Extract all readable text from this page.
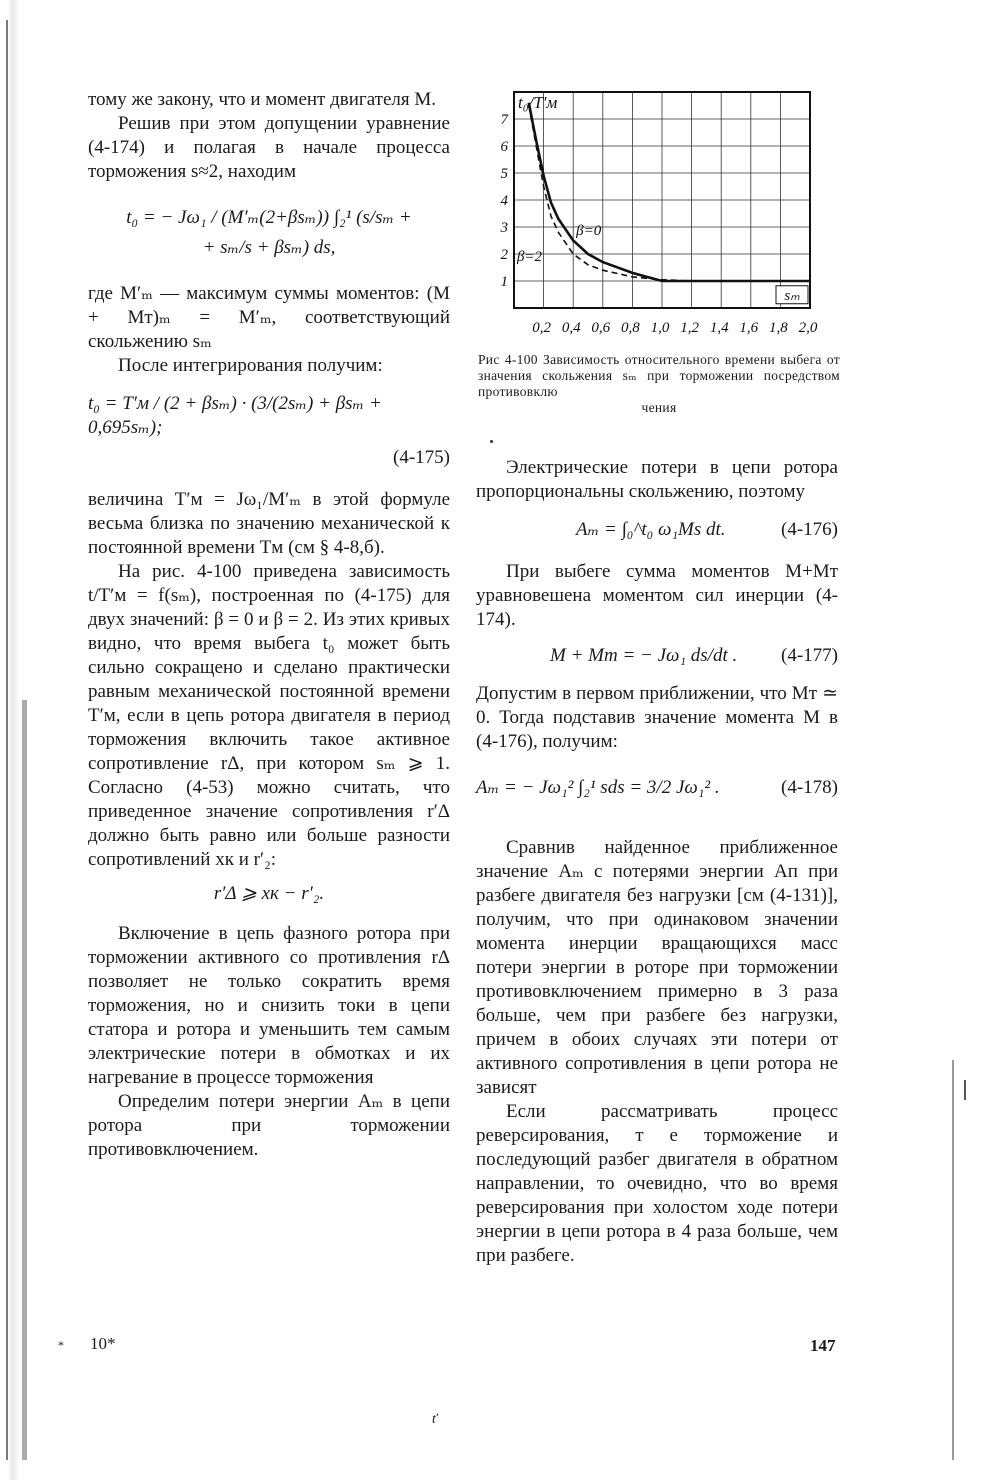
тому же закону, что и момент двигателя M.

Решив при этом допущении уравнение (4-174) и полагая в начале процесса торможения s≈2, находим

t₀ = − Jω₁ / (M′ₘ(2+βsₘ)) ∫₂¹ (s/sₘ +
+ sₘ/s + βsₘ) ds,

где M′ₘ — максимум суммы моментов: (M + Mт)ₘ = M′ₘ, соответствующий скольжению sₘ

После интегрирования получим:

t₀ = T′м / (2 + βsₘ) · (3/(2sₘ) + βsₘ + 0,695sₘ);
(4-175)

величина T′м = Jω₁/M′ₘ в этой формуле весьма близка по значению механической к постоянной времени Tм (см § 4-8,б).

На рис. 4-100 приведена зависимость t/T′м = f(sₘ), построенная по (4-175) для двух значений: β = 0 и β = 2. Из этих кривых видно, что время выбега t₀ может быть сильно сокращено и сделано практически равным механической постоянной времени T′м, если в цепь ротора двигателя в период торможения включить такое активное сопротивление rΔ, при котором sₘ ⩾ 1. Согласно (4-53) можно считать, что приведенное значение сопротивления r′Δ должно быть равно или больше разности сопротивлений xк и r′₂:

r′Δ ⩾ xк − r′₂.

Включение в цепь фазного ротора при торможении активного со противления rΔ позволяет не только сократить время торможения, но и снизить токи в цепи статора и ротора и уменьшить тем самым электрические потери в обмотках и их нагревание в процессе торможения

Определим потери энергии Aₘ в цепи ротора при торможении противовключением.

1
2
3
4
5
6
7
0,2 0,4 0,6 0,8 1,0 1,2 1,4 1,6 1,8 2,0
t₀/T′м
sₘ
β=0
β=2
Рис 4-100 Зависимость относительного времени выбега от значения скольжения sₘ при торможении посредством противовклю
чения

Электрические потери в цепи ротора пропорциональны скольжению, поэтому

Aₘ = ∫₀^t₀ ω₁Ms dt.	(4-176)

При выбеге сумма моментов M+Mт уравновешена моментом сил инерции (4-174).

M + Mт = − Jω₁ ds/dt . (4-177)

Допустим в первом приближении, что Mт ≃ 0. Тогда подставив значение момента M в (4-176), получим:

Aₘ = − Jω₁² ∫₂¹ sds = 3/2 Jω₁² .	(4-178)

Сравнив найденное приближенное значение Aₘ с потерями энергии Aп при разбеге двигателя без нагрузки [см (4-131)], получим, что при одинаковом значении момента инерции вращающихся масс потери энергии в роторе при торможении противовключением примерно в 3 раза больше, чем при разбеге без нагрузки, причем в обоих случаях эти потери от активного сопротивления в цепи ротора не зависят

Если рассматривать процесс реверсирования, т е торможение и последующий разбег двигателя в обратном направлении, то очевидно, что во время реверсирования при холостом ходе потери энергии в цепи ротора в 4 раза больше, чем при разбеге.

* 10*	147
ť
